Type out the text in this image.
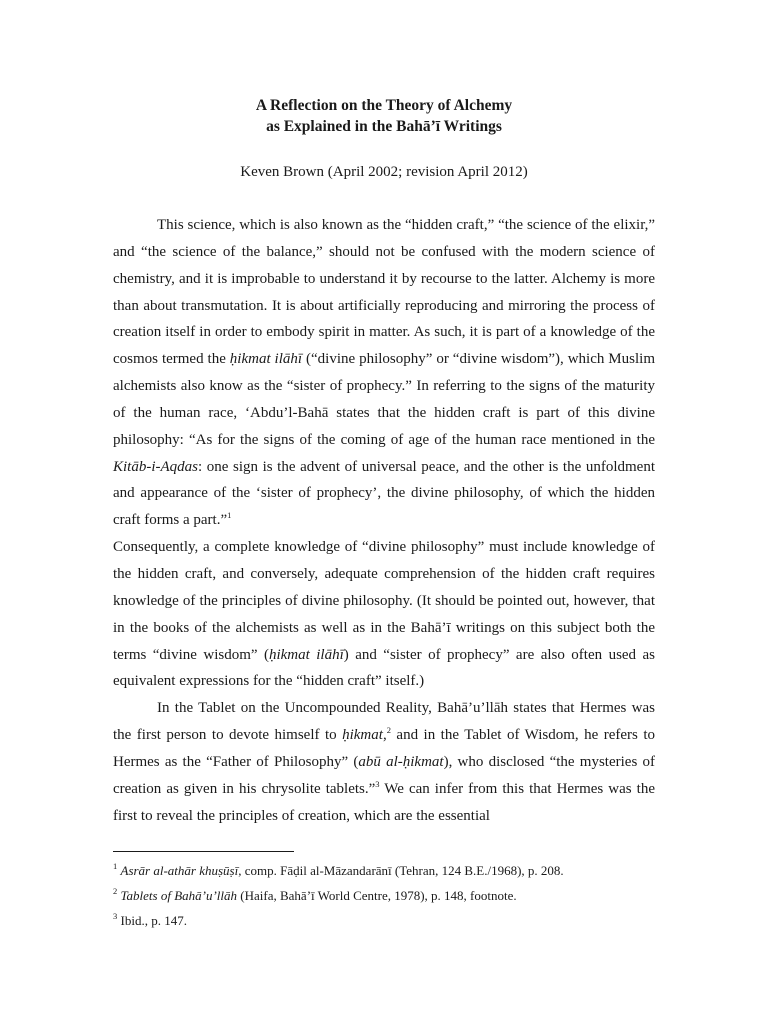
A Reflection on the Theory of Alchemy
as Explained in the Bahā’ī Writings
Keven Brown (April 2002; revision April 2012)

This science, which is also known as the “hidden craft,” “the science of the elixir,” and “the science of the balance,” should not be confused with the modern science of chemistry, and it is improbable to understand it by recourse to the latter. Alchemy is more than about transmutation. It is about artificially reproducing and mirroring the process of creation itself in order to embody spirit in matter. As such, it is part of a knowledge of the cosmos termed the ḥikmat ilāhī (“divine philosophy” or “divine wisdom”), which Muslim alchemists also know as the “sister of prophecy.” In referring to the signs of the maturity of the human race, ‘Abdu’l-Bahā states that the hidden craft is part of this divine philosophy: “As for the signs of the coming of age of the human race mentioned in the Kitāb-i-Aqdas: one sign is the advent of universal peace, and the other is the unfoldment and appearance of the ‘sister of prophecy’, the divine philosophy, of which the hidden craft forms a part.”$^1$

Consequently, a complete knowledge of “divine philosophy” must include knowledge of the hidden craft, and conversely, adequate comprehension of the hidden craft requires knowledge of the principles of divine philosophy. (It should be pointed out, however, that in the books of the alchemists as well as in the Bahā’ī writings on this subject both the terms “divine wisdom” (ḥikmat ilāhī) and “sister of prophecy” are also often used as equivalent expressions for the “hidden craft” itself.)

In the Tablet on the Uncompounded Reality, Bahā’u’llāh states that Hermes was the first person to devote himself to ḥikmat,$^2$ and in the Tablet of Wisdom, he refers to Hermes as the “Father of Philosophy” (abū al-ḥikmat), who disclosed “the mysteries of creation as given in his chrysolite tablets.”$^3$ We can infer from this that Hermes was the first to reveal the principles of creation, which are the essential

$^1$ Asrār al-athār khuṣūṣī, comp. Fāḍil al-Māzandarānī (Tehran, 124 B.E./1968), p. 208.
$^2$ Tablets of Bahā’u’llāh (Haifa, Bahā’ī World Centre, 1978), p. 148, footnote.
$^3$ Ibid., p. 147.
